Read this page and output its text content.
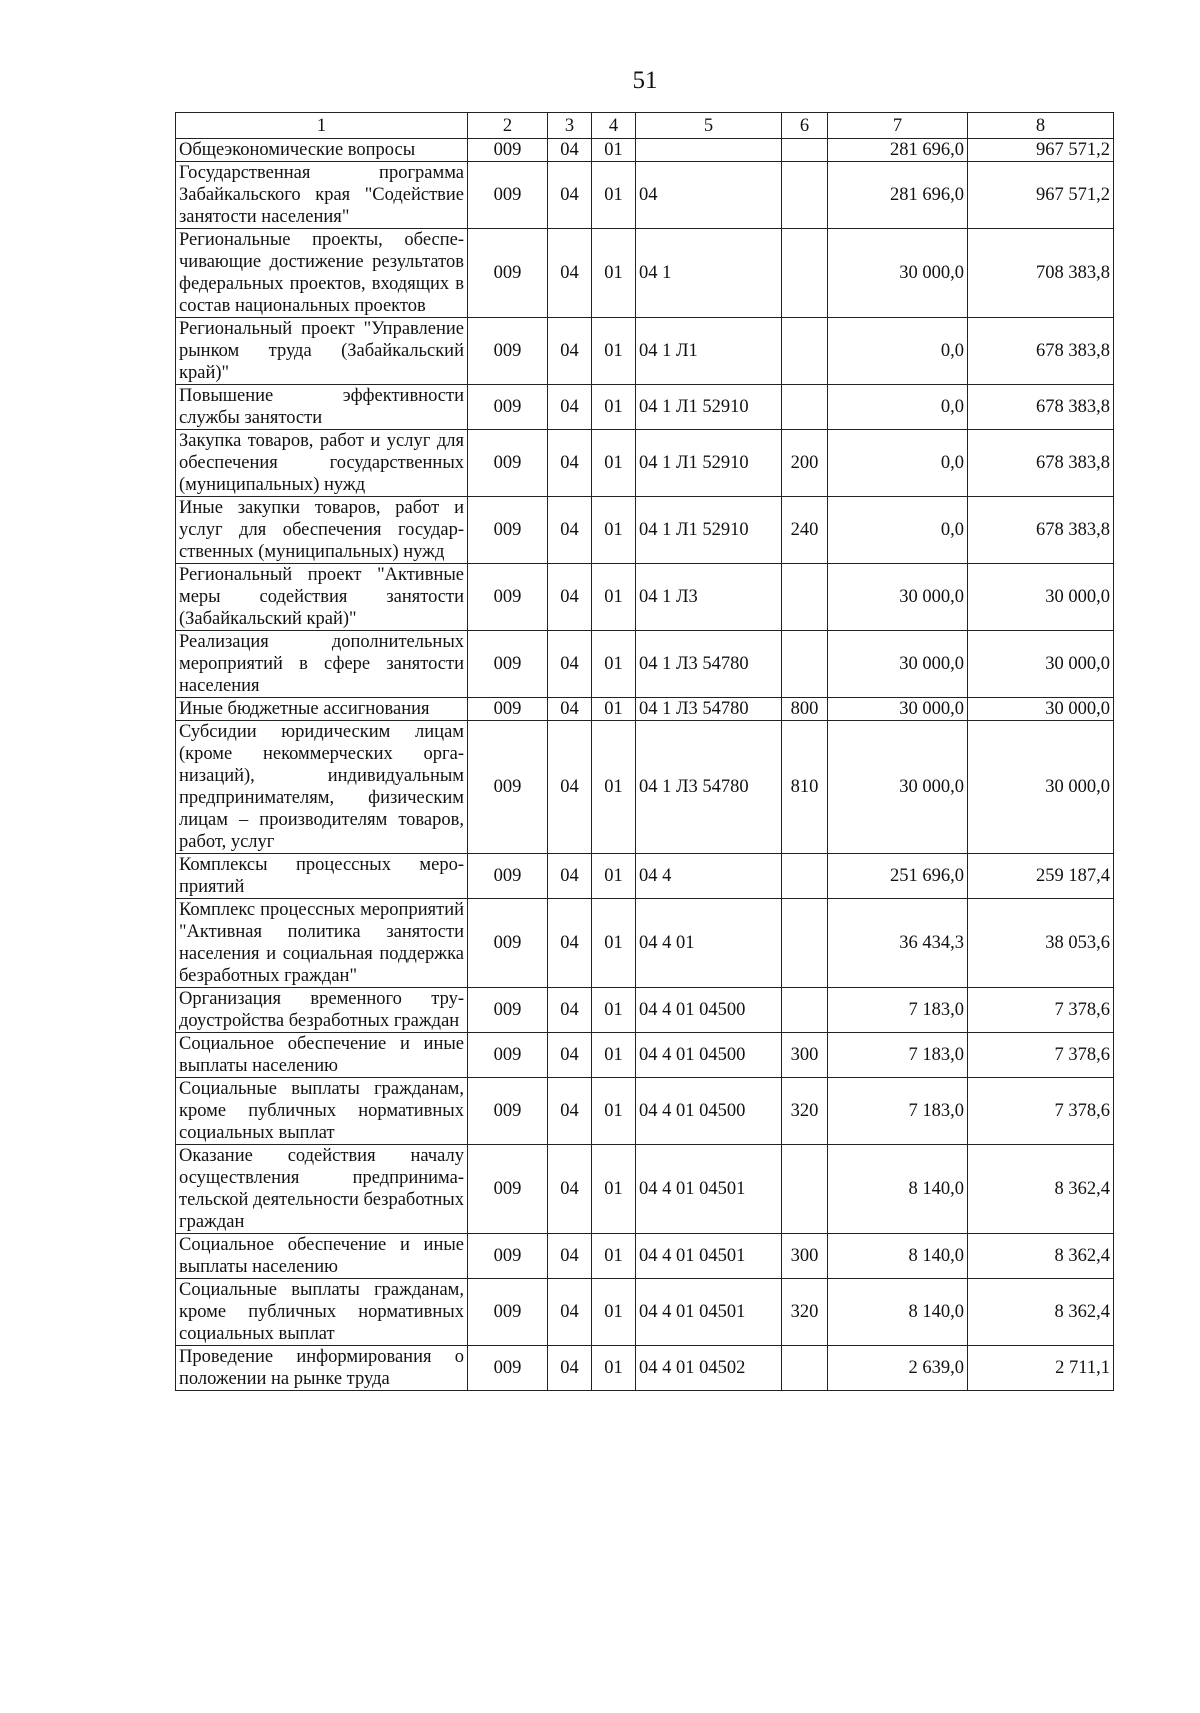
51
1	2	3	4	5	6	7	8
Общеэкономические вопросы	009	04	01			281 696,0	967 571,2
Государственная программа Забайкальского края "Содействие занятости населения"	009	04	01	04		281 696,0	967 571,2
Региональные проекты, обеспечивающие достижение результатов федеральных проектов, входящих в состав национальных проектов	009	04	01	04 1		30 000,0	708 383,8
Региональный проект "Управление рынком труда (Забайкальский край)"	009	04	01	04 1 Л1		0,0	678 383,8
Повышение эффективности службы занятости	009	04	01	04 1 Л1 52910		0,0	678 383,8
Закупка товаров, работ и услуг для обеспечения государственных (муниципальных) нужд	009	04	01	04 1 Л1 52910	200	0,0	678 383,8
Иные закупки товаров, работ и услуг для обеспечения государственных (муниципальных) нужд	009	04	01	04 1 Л1 52910	240	0,0	678 383,8
Региональный проект "Активные меры содействия занятости (Забайкальский край)"	009	04	01	04 1 Л3		30 000,0	30 000,0
Реализация дополнительных мероприятий в сфере занятости населения	009	04	01	04 1 Л3 54780		30 000,0	30 000,0
Иные бюджетные ассигнования	009	04	01	04 1 Л3 54780	800	30 000,0	30 000,0
Субсидии юридическим лицам (кроме некоммерческих организаций), индивидуальным предпринимателям, физическим лицам – производителям товаров, работ, услуг	009	04	01	04 1 Л3 54780	810	30 000,0	30 000,0
Комплексы процессных мероприятий	009	04	01	04 4		251 696,0	259 187,4
Комплекс процессных мероприятий "Активная политика занятости населения и социальная поддержка безработных граждан"	009	04	01	04 4 01		36 434,3	38 053,6
Организация временного трудоустройства безработных граждан	009	04	01	04 4 01 04500		7 183,0	7 378,6
Социальное обеспечение и иные выплаты населению	009	04	01	04 4 01 04500	300	7 183,0	7 378,6
Социальные выплаты гражданам, кроме публичных нормативных социальных выплат	009	04	01	04 4 01 04500	320	7 183,0	7 378,6
Оказание содействия началу осуществления предпринимательской деятельности безработных граждан	009	04	01	04 4 01 04501		8 140,0	8 362,4
Социальное обеспечение и иные выплаты населению	009	04	01	04 4 01 04501	300	8 140,0	8 362,4
Социальные выплаты гражданам, кроме публичных нормативных социальных выплат	009	04	01	04 4 01 04501	320	8 140,0	8 362,4
Проведение информирования о положении на рынке труда	009	04	01	04 4 01 04502		2 639,0	2 711,1
